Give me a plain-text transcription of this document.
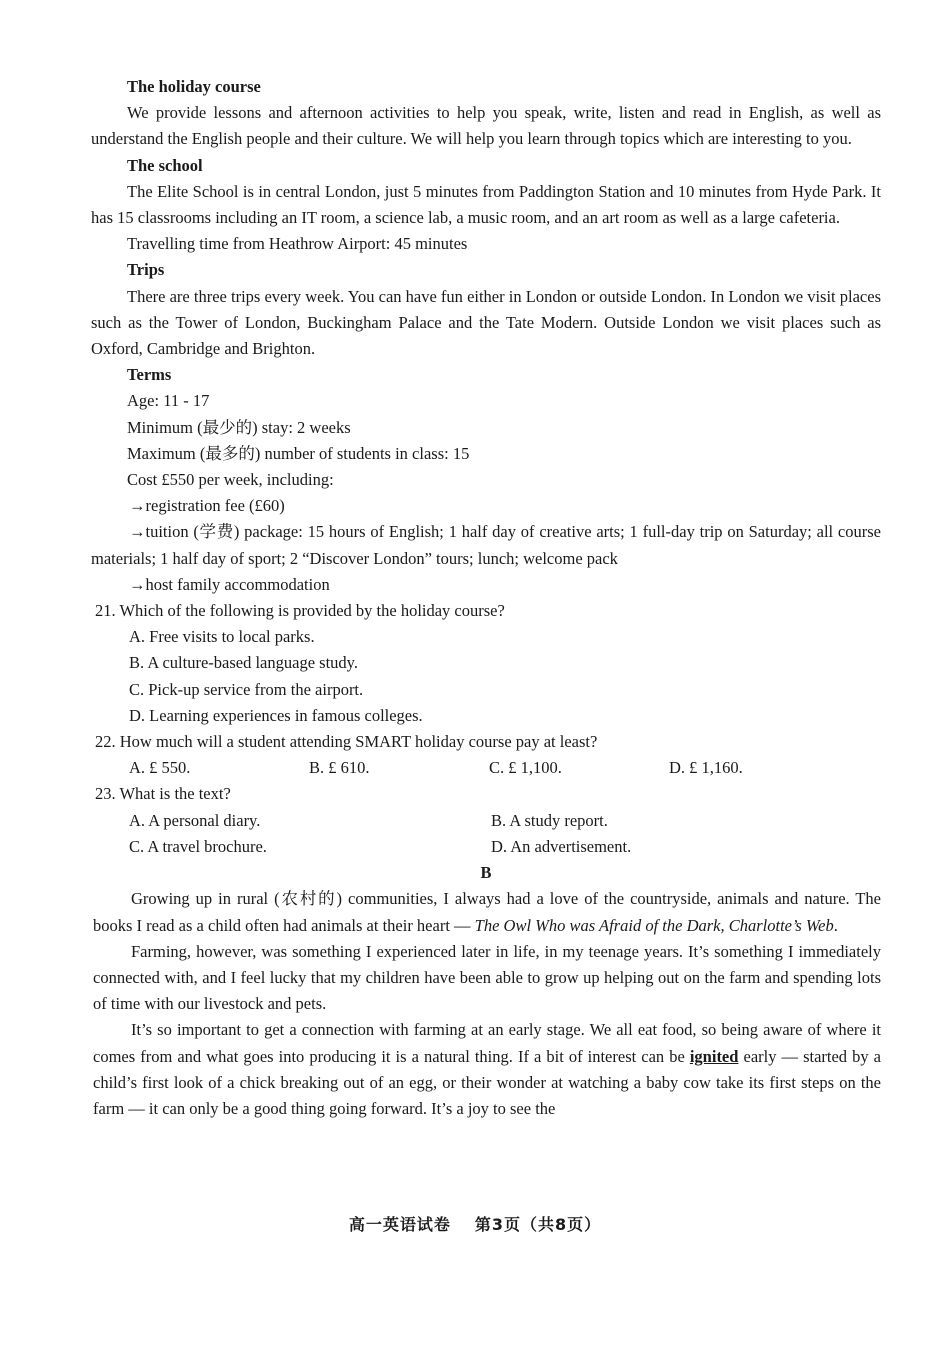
The holiday course

We provide lessons and afternoon activities to help you speak, write, listen and read in English, as well as understand the English people and their culture. We will help you learn through topics which are interesting to you.

The school

The Elite School is in central London, just 5 minutes from Paddington Station and 10 minutes from Hyde Park. It has 15 classrooms including an IT room, a science lab, a music room, and an art room as well as a large cafeteria.

Travelling time from Heathrow Airport: 45 minutes

Trips

There are three trips every week. You can have fun either in London or outside London. In London we visit places such as the Tower of London, Buckingham Palace and the Tate Modern. Outside London we visit places such as Oxford, Cambridge and Brighton.

Terms

Age: 11 - 17

Minimum (最少的) stay: 2 weeks

Maximum (最多的) number of students in class: 15

Cost £550 per week, including:

→registration fee (£60)

→tuition (学费) package: 15 hours of English; 1 half day of creative arts; 1 full-day trip on Saturday; all course materials; 1 half day of sport; 2 “Discover London” tours; lunch; welcome pack

→host family accommodation

21. Which of the following is provided by the holiday course?

A. Free visits to local parks.

B. A culture-based language study.

C. Pick-up service from the airport.

D. Learning experiences in famous colleges.

22. How much will a student attending SMART holiday course pay at least?

A. £ 550.	B. £ 610.	C. £ 1,100.	D. £ 1,160.

23. What is the text?

A. A personal diary.	B. A study report.
C. A travel brochure.	D. An advertisement.

B

Growing up in rural (农村的) communities, I always had a love of the countryside, animals and nature. The books I read as a child often had animals at their heart — The Owl Who was Afraid of the Dark, Charlotte’s Web.

Farming, however, was something I experienced later in life, in my teenage years. It’s something I immediately connected with, and I feel lucky that my children have been able to grow up helping out on the farm and spending lots of time with our livestock and pets.

It’s so important to get a connection with farming at an early stage. We all eat food, so being aware of where it comes from and what goes into producing it is a natural thing. If a bit of interest can be ignited early — started by a child’s first look of a chick breaking out of an egg, or their wonder at watching a baby cow take its first steps on the farm — it can only be a good thing going forward. It’s a joy to see the

高一英语试卷 第3页（共8页）
